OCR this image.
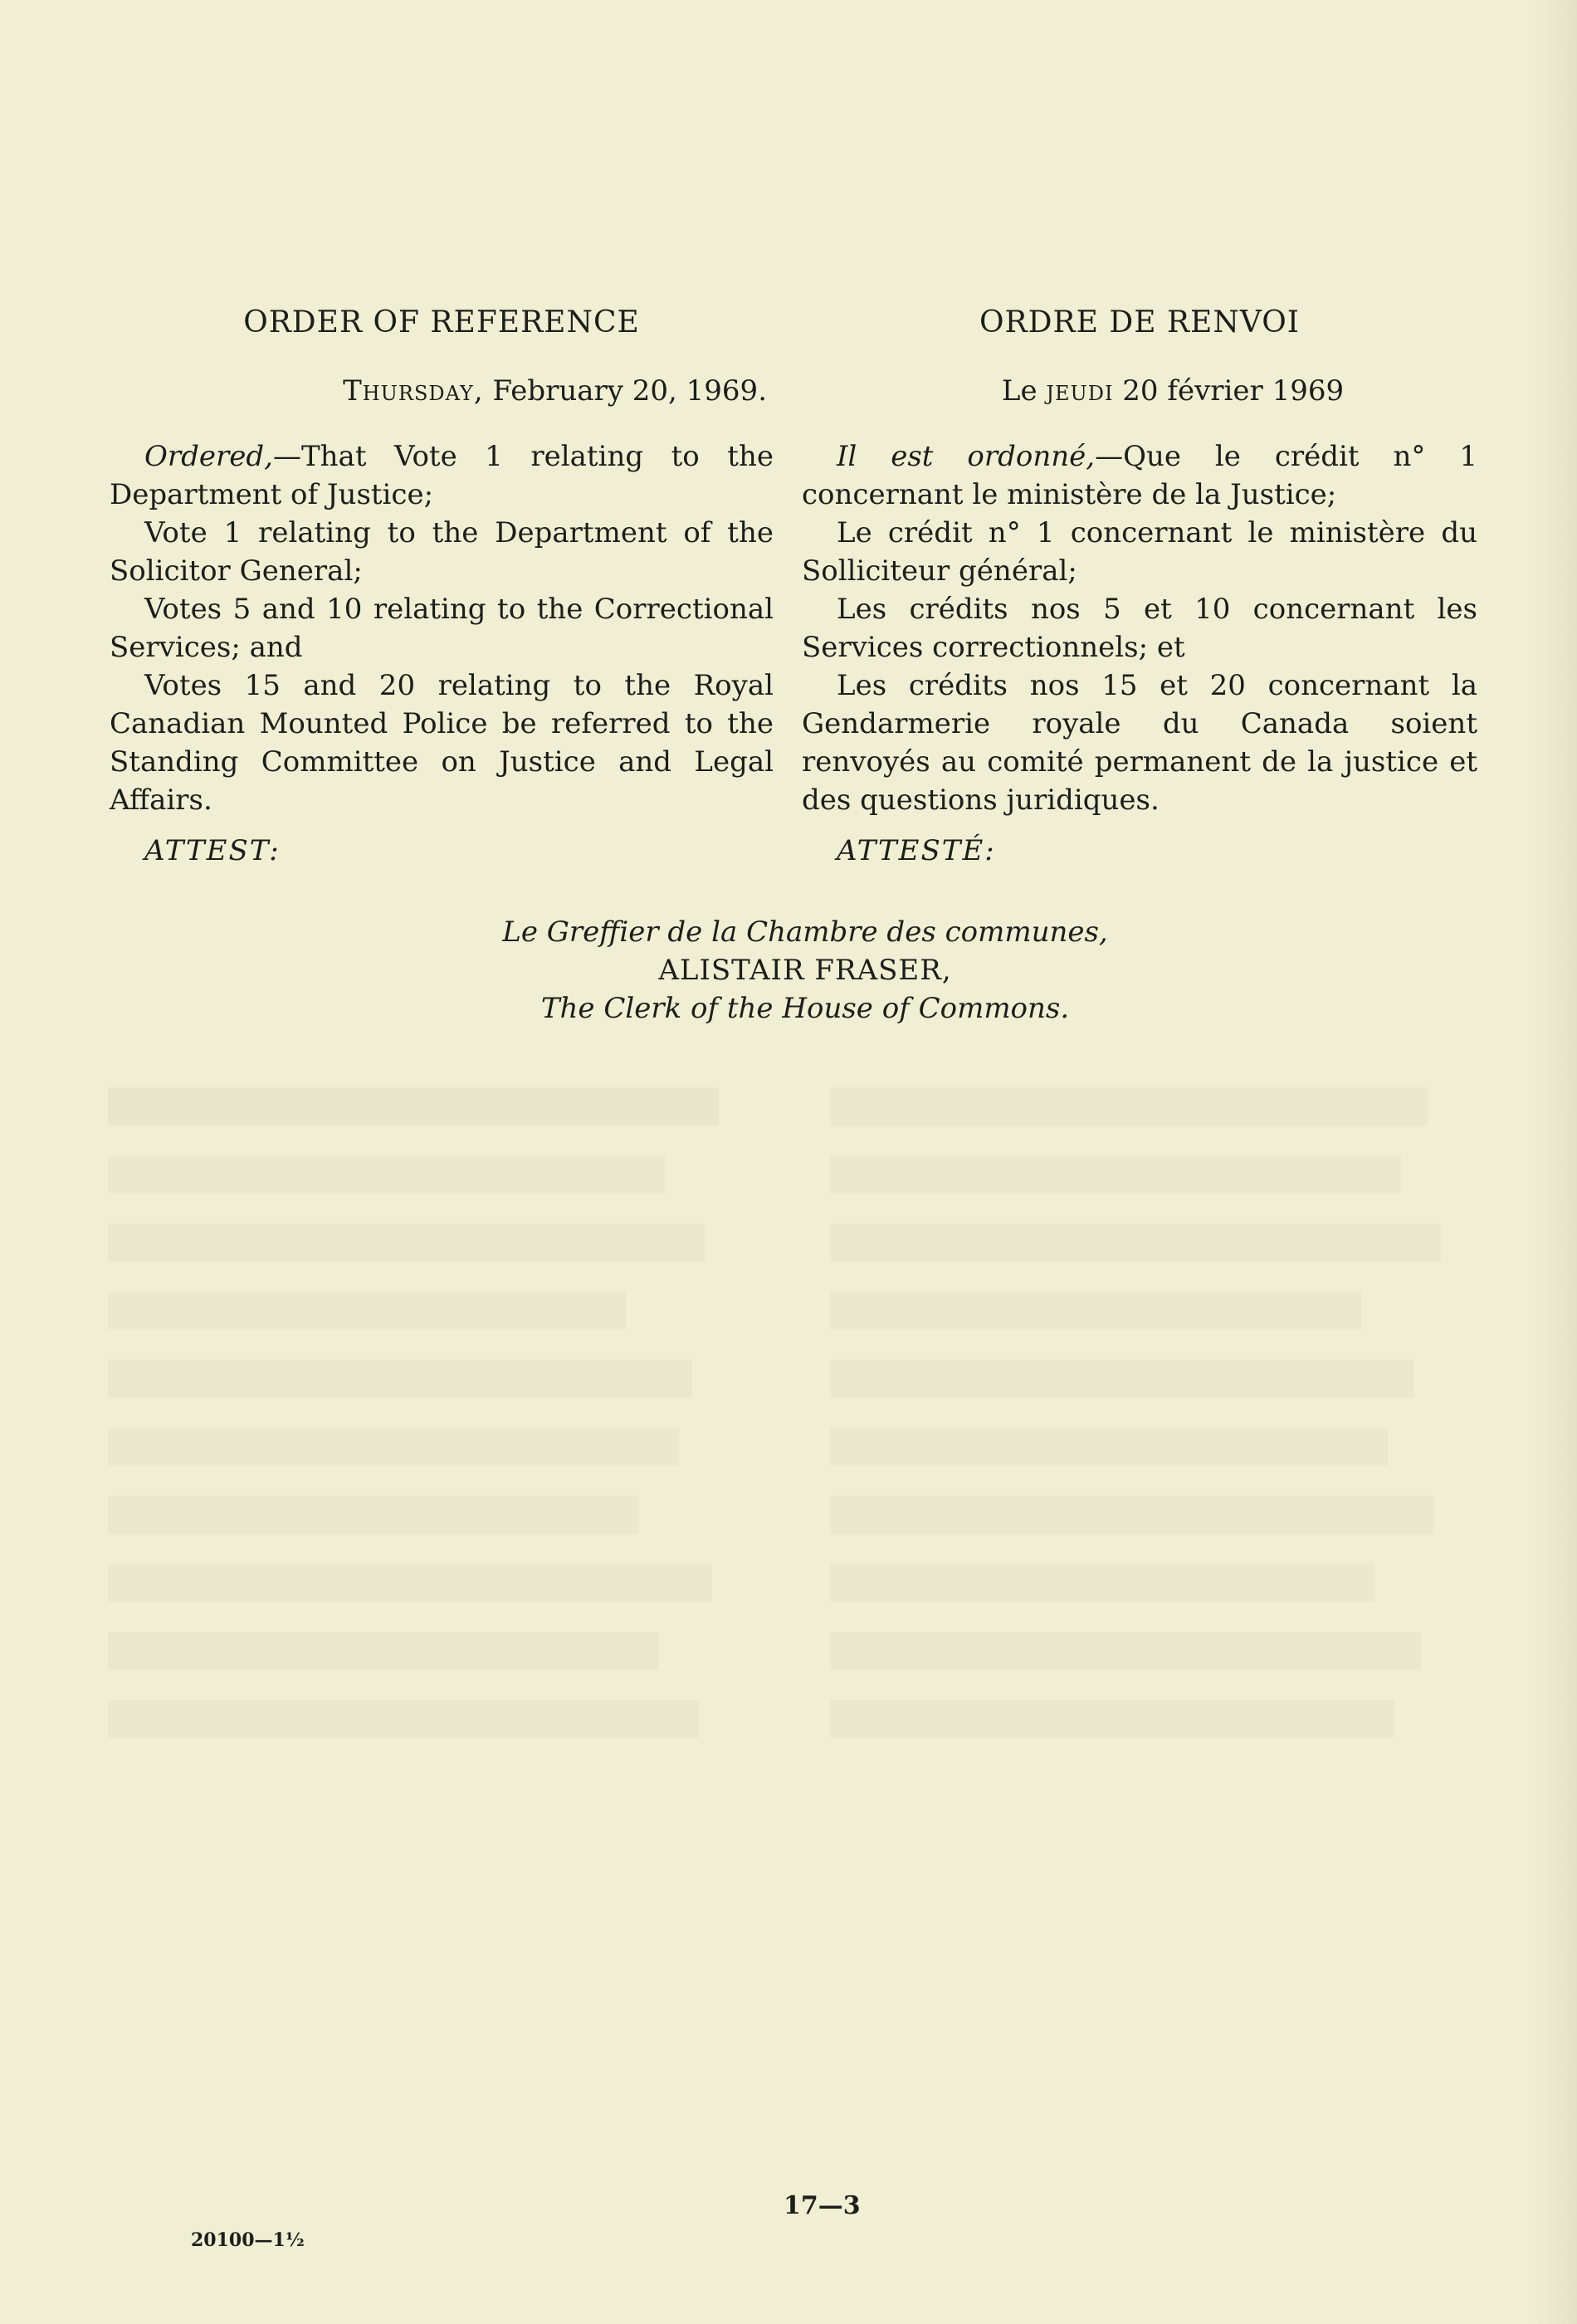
ORDER OF REFERENCE
Thursday, February 20, 1969.

Ordered,—That Vote 1 relating to the Department of Justice;

Vote 1 relating to the Department of the Solicitor General;

Votes 5 and 10 relating to the Correctional Services; and

Votes 15 and 20 relating to the Royal Canadian Mounted Police be referred to the Standing Committee on Justice and Legal Affairs.

ATTEST:
ORDRE DE RENVOI
Le jeudi 20 février 1969

Il est ordonné,—Que le crédit n° 1 concernant le ministère de la Justice;

Le crédit n° 1 concernant le ministère du Solliciteur général;

Les crédits nos 5 et 10 concernant les Services correctionnels; et

Les crédits nos 15 et 20 concernant la Gendarmerie royale du Canada soient renvoyés au comité permanent de la justice et des questions juridiques.

ATTESTÉ:
Le Greffier de la Chambre des communes,
ALISTAIR FRASER,
The Clerk of the House of Commons.
17—3
20100—1½
